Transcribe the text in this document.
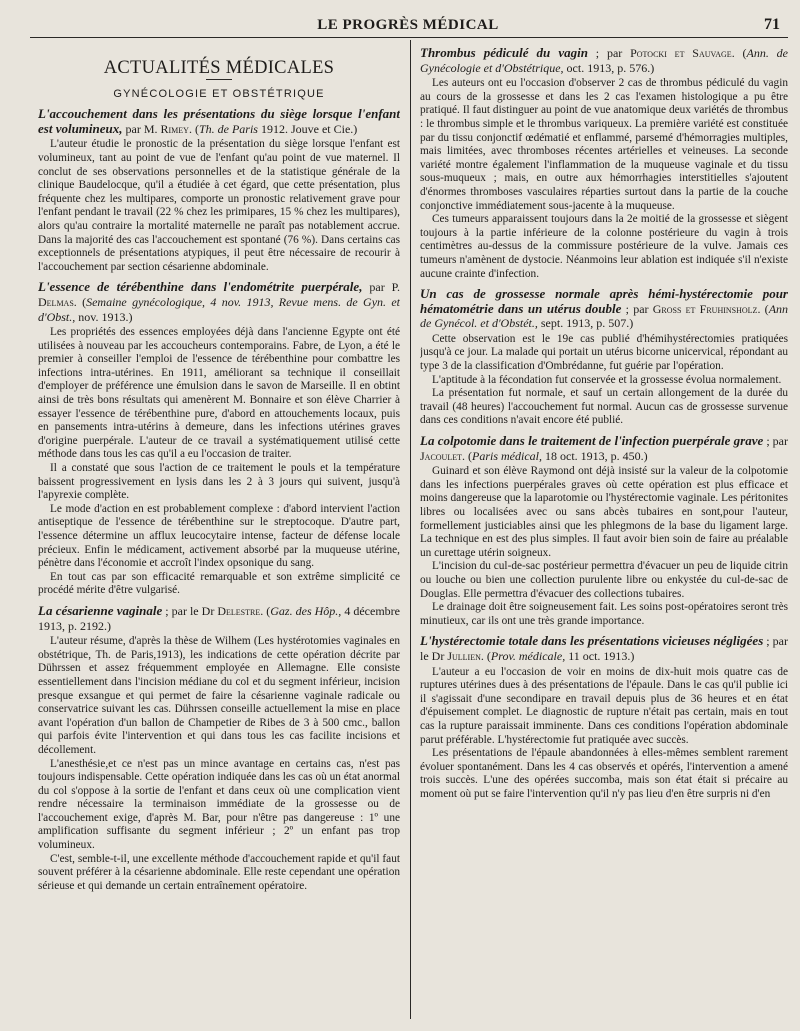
LE PROGRÈS MÉDICAL	71
ACTUALITÉS MÉDICALES
GYNÉCOLOGIE ET OBSTÉTRIQUE
L'accouchement dans les présentations du siège lorsque l'enfant est volumineux, par M. Rimey. (Th. de Paris 1912. Jouve et Cie.)

L'auteur étudie le pronostic de la présentation du siège lorsque l'enfant est volumineux, tant au point de vue de l'enfant qu'au point de vue maternel. Il conclut de ses observations personnelles et de la statistique générale de la clinique Baudelocque, qu'il a étudiée à cet égard, que cette présentation, plus fréquente chez les multipares, comporte un pronostic relativement grave pour l'enfant pendant le travail (22 % chez les primipares, 15 % chez les multipares), alors qu'au contraire la mortalité maternelle ne paraît pas notablement accrue. Dans la majorité des cas l'accouchement est spontané (76 %). Dans certains cas exceptionnels de présentations atypiques, il peut être nécessaire de recourir à l'accouchement par section césarienne abdominale.

L'essence de térébenthine dans l'endométrite puerpérale, par P. Delmas. (Semaine gynécologique, 4 nov. 1913, Revue mens. de Gyn. et d'Obst., nov. 1913.)

Les propriétés des essences employées déjà dans l'ancienne Egypte ont été utilisées à nouveau par les accoucheurs contemporains. Fabre, de Lyon, a été le premier à conseiller l'emploi de l'essence de térébenthine pour combattre les infections intra-utérines. En 1911, améliorant sa technique il conseillait d'employer de préférence une émulsion dans le savon de Marseille. Il en obtint ainsi de très bons résultats qui amenèrent M. Bonnaire et son élève Charrier à essayer l'essence de térébenthine pure, d'abord en attouchements locaux, puis en pansements intra-utérins à demeure, dans les infections utérines graves d'origine puerpérale. L'auteur de ce travail a systématiquement utilisé cette méthode dans tous les cas qu'il a eu l'occasion de traiter.

Il a constaté que sous l'action de ce traitement le pouls et la température baissent progressivement en lysis dans les 2 à 3 jours qui suivent, jusqu'à l'apyrexie complète.

Le mode d'action en est probablement complexe : d'abord intervient l'action antiseptique de l'essence de térébenthine sur le streptocoque. D'autre part, l'essence détermine un afflux leucocytaire intense, facteur de défense locale précieux. Enfin le médicament, activement absorbé par la muqueuse utérine, pénètre dans l'économie et accroît l'index opsonique du sang.

En tout cas par son efficacité remarquable et son extrême simplicité ce procédé mérite d'être vulgarisé.

La césarienne vaginale ; par le Dr Delestre. (Gaz. des Hôp., 4 décembre 1913, p. 2192.)

L'auteur résume, d'après la thèse de Wilhem (Les hystérotomies vaginales en obstétrique, Th. de Paris,1913), les indications de cette opération décrite par Dührssen et assez fréquemment employée en Allemagne. Elle consiste essentiellement dans l'incision médiane du col et du segment inférieur, incision presque exsangue et qui permet de faire la césarienne vaginale radicale ou conservatrice suivant les cas. Dührssen conseille actuellement la mise en place avant l'opération d'un ballon de Champetier de Ribes de 3 à 500 cmc., ballon qui parfois évite l'intervention et qui dans tous les cas facilite incisions et décollement.

L'anesthésie,et ce n'est pas un mince avantage en certains cas, n'est pas toujours indispensable. Cette opération indiquée dans les cas où un état anormal du col s'oppose à la sortie de l'enfant et dans ceux où une complication vient rendre nécessaire la terminaison immédiate de la grossesse ou de l'accouchement exige, d'après M. Bar, pour n'être pas dangereuse : 1º une amplification suffisante du segment inférieur ; 2º un enfant pas trop volumineux.

C'est, semble-t-il, une excellente méthode d'accouchement rapide et qu'il faut souvent préférer à la césarienne abdominale. Elle reste cependant une opération sérieuse et qui demande un certain entraînement opératoire.

Thrombus pédiculé du vagin ; par Potocki et Sauvage. (Ann. de Gynécologie et d'Obstétrique, oct. 1913, p. 576.)

Les auteurs ont eu l'occasion d'observer 2 cas de thrombus pédiculé du vagin au cours de la grossesse et dans les 2 cas l'examen histologique a pu être pratiqué. Il faut distinguer au point de vue anatomique deux variétés de thrombus : le thrombus simple et le thrombus variqueux. La première variété est constituée par du tissu conjonctif œdématié et enflammé, parsemé d'hémorragies multiples, mais limitées, avec thromboses récentes artérielles et veineuses. La seconde variété montre également l'inflammation de la muqueuse vaginale et du tissu sous-muqueux ; mais, en outre aux hémorrhagies interstitielles s'ajoutent d'énormes thromboses vasculaires réparties surtout dans la partie de la couche conjonctive immédiatement sous-jacente à la muqueuse.

Ces tumeurs apparaissent toujours dans la 2e moitié de la grossesse et siègent toujours à la partie inférieure de la colonne postérieure du vagin à trois centimètres au-dessus de la commissure postérieure de la vulve. Jamais ces tumeurs n'amènent de dystocie. Néanmoins leur ablation est indiquée s'il n'existe aucune crainte d'infection.

Un cas de grossesse normale après hémi-hystérectomie pour hématométrie dans un utérus double ; par Gross et Fruhinsholz. (Ann de Gynécol. et d'Obstét., sept. 1913, p. 507.)

Cette observation est le 19e cas publié d'hémihystérectomies pratiquées jusqu'à ce jour. La malade qui portait un utérus bicorne unicervical, répondant au type 3 de la classification d'Ombrédanne, fut guérie par l'opération.

L'aptitude à la fécondation fut conservée et la grossesse évolua normalement.

La présentation fut normale, et sauf un certain allongement de la durée du travail (48 heures) l'accouchement fut normal. Aucun cas de grossesse survenue dans ces conditions n'avait encore été publié.

La colpotomie dans le traitement de l'infection puerpérale grave ; par Jacoulet. (Paris médical, 18 oct. 1913, p. 450.)

Guinard et son élève Raymond ont déjà insisté sur la valeur de la colpotomie dans les infections puerpérales graves où cette opération est plus efficace et moins dangereuse que la laparotomie ou l'hystérectomie vaginale. Les péritonites libres ou localisées avec ou sans abcès tubaires en sont,pour l'auteur, formellement justiciables ainsi que les phlegmons de la base du ligament large. La technique en est des plus simples. Il faut avoir bien soin de faire au préalable un curettage utérin soigneux.

L'incision du cul-de-sac postérieur permettra d'évacuer un peu de liquide citrin ou louche ou bien une collection purulente libre ou enkystée du cul-de-sac de Douglas. Elle permettra d'évacuer des collections tubaires.

Le drainage doit être soigneusement fait. Les soins post-opératoires seront très minutieux, car ils ont une très grande importance.

L'hystérectomie totale dans les présentations vicieuses négligées ; par le Dr Jullien. (Prov. médicale, 11 oct. 1913.)

L'auteur a eu l'occasion de voir en moins de dix-huit mois quatre cas de ruptures utérines dues à des présentations de l'épaule. Dans le cas qu'il publie ici il s'agissait d'une secondipare en travail depuis plus de 36 heures et en état d'épuisement complet. Le diagnostic de rupture n'était pas certain, mais en tout cas la rupture paraissait imminente. Dans ces conditions l'opération abdominale parut préférable. L'hystérectomie fut pratiquée avec succès.

Les présentations de l'épaule abandonnées à elles-mêmes semblent rarement évoluer spontanément. Dans les 4 cas observés et opérés, l'intervention a amené trois succès. L'une des opérées succomba, mais son état était si précaire au moment où put se faire l'intervention qu'il n'y pas lieu d'en être surpris ni d'en
